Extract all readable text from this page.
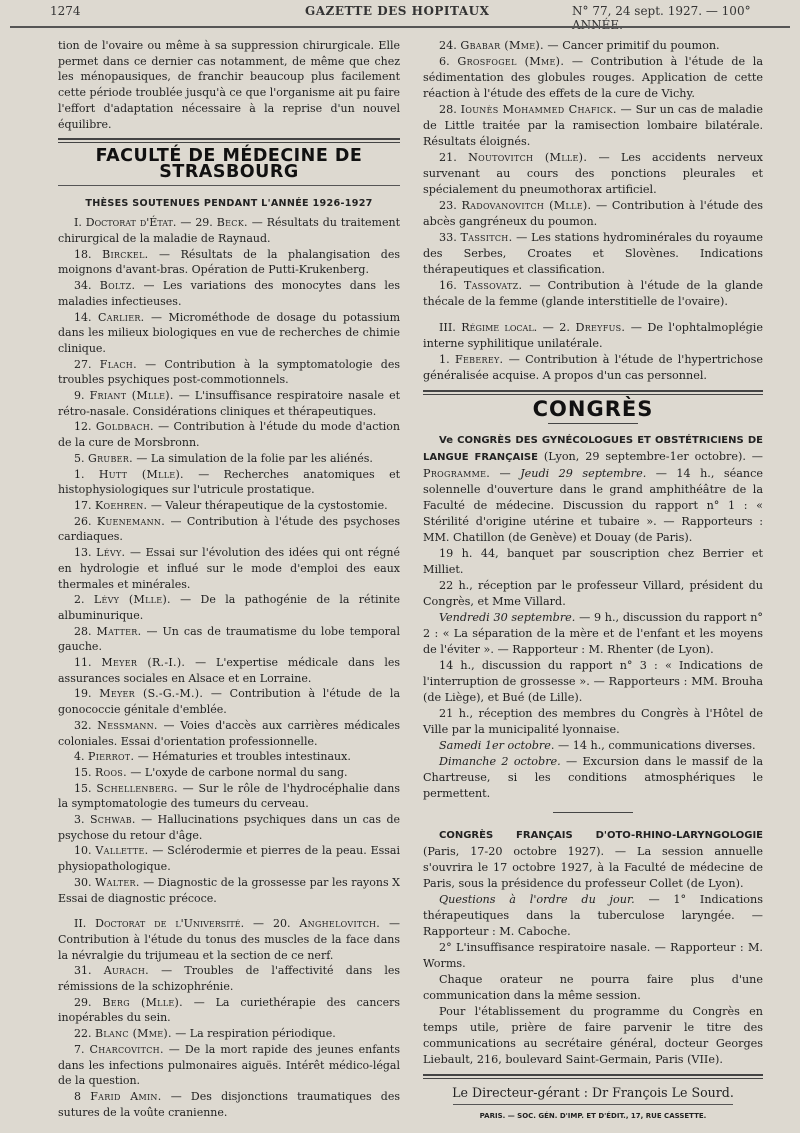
1274	GAZETTE DES HOPITAUX	N° 77, 24 sept. 1927. — 100° ANNÉE.

tion de l'ovaire ou même à sa suppression chirurgicale. Elle permet dans ce dernier cas notamment, de même que chez les ménopausiques, de franchir beaucoup plus facilement cette période troublée jusqu'à ce que l'organisme ait pu faire l'effort d'adaptation nécessaire à la reprise d'un nouvel équilibre.

FACULTÉ DE MÉDECINE DE STRASBOURG
THÈSES SOUTENUES PENDANT L'ANNÉE 1926-1927

I. Doctorat d'État. — 29. Beck. — Résultats du traitement chirurgical de la maladie de Raynaud.

18. Birckel. — Résultats de la phalangisation des moignons d'avant-bras. Opération de Putti-Krukenberg.

34. Boltz. — Les variations des monocytes dans les maladies infectieuses.

14. Carlier. — Microméthode de dosage du potassium dans les milieux biologiques en vue de recherches de chimie clinique.

27. Flach. — Contribution à la symptomatologie des troubles psychiques post-commotionnels.

9. Friant (Mlle). — L'insuffisance respiratoire nasale et rétro-nasale. Considérations cliniques et thérapeutiques.

12. Goldbach. — Contribution à l'étude du mode d'action de la cure de Morsbronn.

5. Gruber. — La simulation de la folie par les aliénés.

1. Hutt (Mlle). — Recherches anatomiques et histophysiologiques sur l'utricule prostatique.

17. Koehren. — Valeur thérapeutique de la cystostomie.

26. Kuenemann. — Contribution à l'étude des psychoses cardiaques.

13. Lévy. — Essai sur l'évolution des idées qui ont régné en hydrologie et influé sur le mode d'emploi des eaux thermales et minérales.

2. Lévy (Mlle). — De la pathogénie de la rétinite albuminurique.

28. Matter. — Un cas de traumatisme du lobe temporal gauche.

11. Meyer (R.-I.). — L'expertise médicale dans les assurances sociales en Alsace et en Lorraine.

19. Meyer (S.-G.-M.). — Contribution à l'étude de la gonococcie génitale d'emblée.

32. Nessmann. — Voies d'accès aux carrières médicales coloniales. Essai d'orientation professionnelle.

4. Pierrot. — Hématuries et troubles intestinaux.

15. Roos. — L'oxyde de carbone normal du sang.

15. Schellenberg. — Sur le rôle de l'hydrocéphalie dans la symptomatologie des tumeurs du cerveau.

3. Schwab. — Hallucinations psychiques dans un cas de psychose du retour d'âge.

10. Vallette. — Sclérodermie et pierres de la peau. Essai physiopathologique.

30. Walter. — Diagnostic de la grossesse par les rayons X Essai de diagnostic précoce.

II. Doctorat de l'Université. — 20. Anghelovitch. — Contribution à l'étude du tonus des muscles de la face dans la névralgie du trijumeau et la section de ce nerf.

31. Aurach. — Troubles de l'affectivité dans les rémissions de la schizophrénie.

29. Berg (Mlle). — La curiethérapie des cancers inopérables du sein.

22. Blanc (Mme). — La respiration périodique.

7. Charcovitch. — De la mort rapide des jeunes enfants dans les infections pulmonaires aiguës. Intérêt médico-légal de la question.

8 Farid Amin. — Des disjonctions traumatiques des sutures de la voûte cranienne.

24. Gbabar (Mme). — Cancer primitif du poumon.

6. Grosfogel (Mme). — Contribution à l'étude de la sédimentation des globules rouges. Application de cette réaction à l'étude des effets de la cure de Vichy.

28. Iounès Mohammed Chafick. — Sur un cas de maladie de Little traitée par la ramisection lombaire bilatérale. Résultats éloignés.

21. Noutovitch (Mlle). — Les accidents nerveux survenant au cours des ponctions pleurales et spécialement du pneumothorax artificiel.

23. Radovanovitch (Mlle). — Contribution à l'étude des abcès gangréneux du poumon.

33. Tassitch. — Les stations hydrominérales du royaume des Serbes, Croates et Slovènes. Indications thérapeutiques et classification.

16. Tassovatz. — Contribution à l'étude de la glande thécale de la femme (glande interstitielle de l'ovaire).

III. Régime local. — 2. Dreyfus. — De l'ophtalmoplégie interne syphilitique unilatérale.

1. Feberey. — Contribution à l'étude de l'hypertrichose généralisée acquise. A propos d'un cas personnel.

CONGRÈS

Ve CONGRÈS DES GYNÉCOLOGUES ET OBSTÉTRICIENS DE LANGUE FRANÇAISE (Lyon, 29 septembre-1er octobre). — Programme. — Jeudi 29 septembre. — 14 h., séance solennelle d'ouverture dans le grand amphithéâtre de la Faculté de médecine. Discussion du rapport n° 1 : « Stérilité d'origine utérine et tubaire ». — Rapporteurs : MM. Chatillon (de Genève) et Douay (de Paris).

19 h. 44, banquet par souscription chez Berrier et Milliet.

22 h., réception par le professeur Villard, président du Congrès, et Mme Villard.

Vendredi 30 septembre. — 9 h., discussion du rapport n° 2 : « La séparation de la mère et de l'enfant et les moyens de l'éviter ». — Rapporteur : M. Rhenter (de Lyon).

14 h., discussion du rapport n° 3 : « Indications de l'interruption de grossesse ». — Rapporteurs : MM. Brouha (de Liège), et Bué (de Lille).

21 h., réception des membres du Congrès à l'Hôtel de Ville par la municipalité lyonnaise.

Samedi 1er octobre. — 14 h., communications diverses.

Dimanche 2 octobre. — Excursion dans le massif de la Chartreuse, si les conditions atmosphériques le permettent.

CONGRÈS FRANÇAIS D'OTO-RHINO-LARYNGOLOGIE (Paris, 17-20 octobre 1927). — La session annuelle s'ouvrira le 17 octobre 1927, à la Faculté de médecine de Paris, sous la présidence du professeur Collet (de Lyon).

Questions à l'ordre du jour. — 1° Indications thérapeutiques dans la tuberculose laryngée. — Rapporteur : M. Caboche.

2° L'insuffisance respiratoire nasale. — Rapporteur : M. Worms.

Chaque orateur ne pourra faire plus d'une communication dans la même session.

Pour l'établissement du programme du Congrès en temps utile, prière de faire parvenir le titre des communications au secrétaire général, docteur Georges Liebault, 216, boulevard Saint-Germain, Paris (VIIe).

Le Directeur-gérant : Dr François Le Sourd.
PARIS. — SOC. GÉN. D'IMP. ET D'ÉDIT., 17, RUE CASSETTE.
